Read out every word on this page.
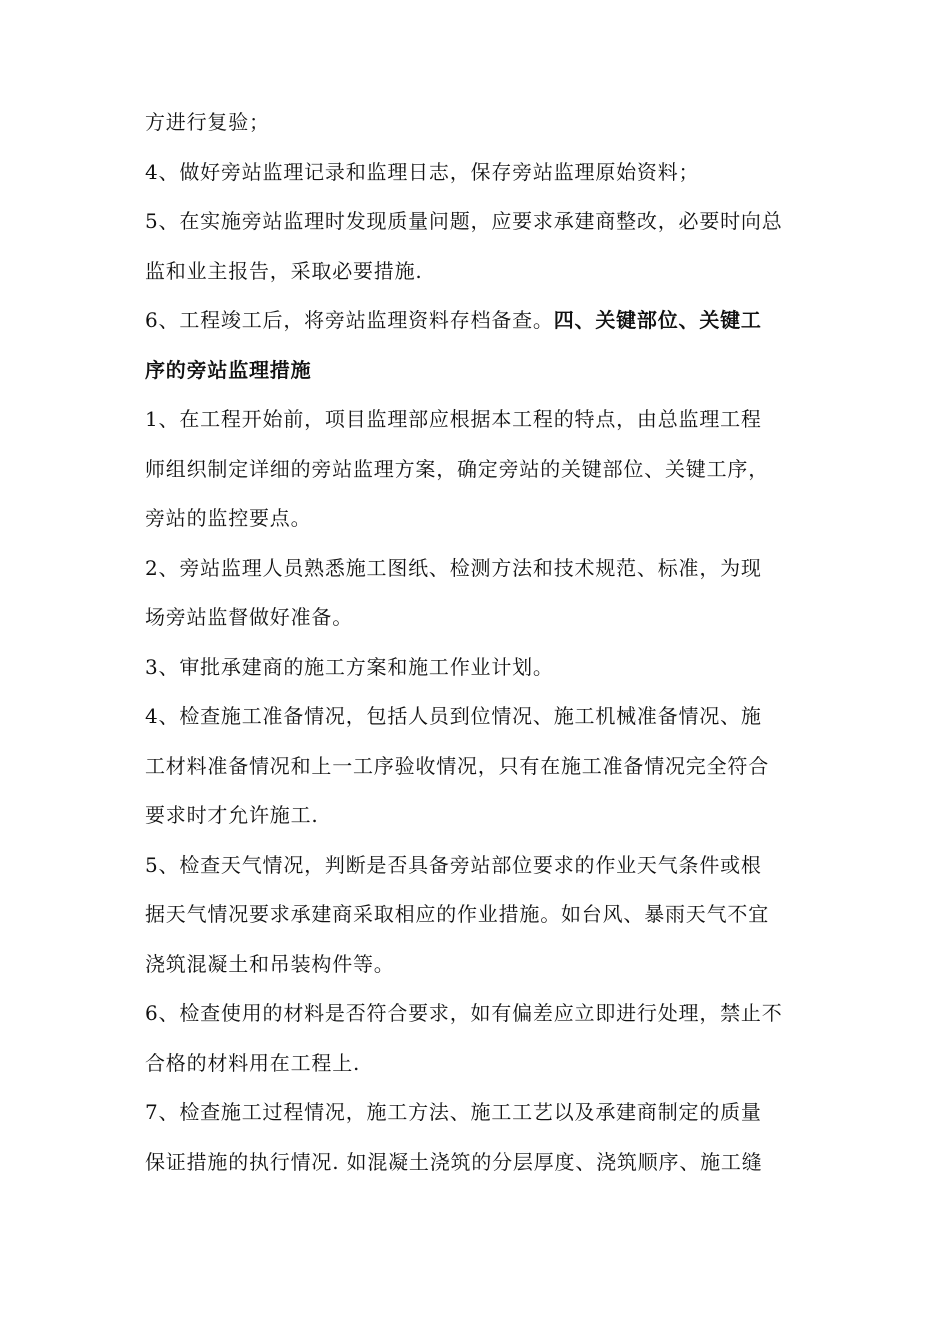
方进行复验；

4、做好旁站监理记录和监理日志，保存旁站监理原始资料；

5、在实施旁站监理时发现质量问题，应要求承建商整改，必要时向总
监和业主报告，采取必要措施.

6、工程竣工后，将旁站监理资料存档备查。四、关键部位、关键工
序的旁站监理措施

1、在工程开始前，项目监理部应根据本工程的特点，由总监理工程
师组织制定详细的旁站监理方案，确定旁站的关键部位、关键工序，
旁站的监控要点。

2、旁站监理人员熟悉施工图纸、检测方法和技术规范、标准，为现
场旁站监督做好准备。

3、审批承建商的施工方案和施工作业计划。

4、检查施工准备情况，包括人员到位情况、施工机械准备情况、施
工材料准备情况和上一工序验收情况，只有在施工准备情况完全符合
要求时才允许施工.

5、检查天气情况，判断是否具备旁站部位要求的作业天气条件或根
据天气情况要求承建商采取相应的作业措施。如台风、暴雨天气不宜
浇筑混凝土和吊装构件等。

6、检查使用的材料是否符合要求，如有偏差应立即进行处理，禁止不
合格的材料用在工程上.

7、检查施工过程情况，施工方法、施工工艺以及承建商制定的质量
保证措施的执行情况. 如混凝土浇筑的分层厚度、浇筑顺序、施工缝
